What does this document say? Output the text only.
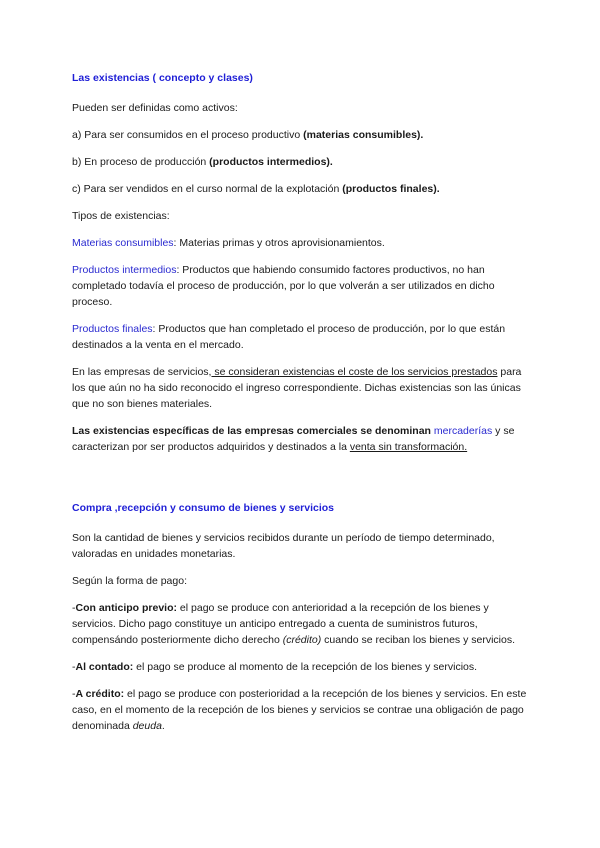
Las existencias ( concepto y clases)

Pueden ser definidas como activos:

a) Para ser consumidos en el proceso productivo (materias consumibles).

b) En proceso de producción (productos intermedios).

c) Para ser vendidos en el curso normal de la explotación (productos finales).

Tipos de existencias:

Materias consumibles: Materias primas y otros aprovisionamientos.

Productos intermedios: Productos que habiendo consumido factores productivos, no han completado todavía el proceso de producción, por lo que volverán a ser utilizados en dicho proceso.

Productos finales: Productos que han completado el proceso de producción, por lo que están destinados a la venta en el mercado.

En las empresas de servicios, se consideran existencias el coste de los servicios prestados para los que aún no ha sido reconocido el ingreso correspondiente. Dichas existencias son las únicas que no son bienes materiales.

Las existencias específicas de las empresas comerciales se denominan mercaderías y se caracterizan por ser productos adquiridos y destinados a la venta sin transformación.

Compra ,recepción y consumo de bienes y servicios

Son la cantidad de bienes y servicios recibidos durante un período de tiempo determinado, valoradas en unidades monetarias.

Según la forma de pago:

-Con anticipo previo: el pago se produce con anterioridad a la recepción de los bienes y servicios. Dicho pago constituye un anticipo entregado a cuenta de suministros futuros, compensándo posteriormente dicho derecho (crédito) cuando se reciban los bienes y servicios.

-Al contado: el pago se produce al momento de la recepción de los bienes y servicios.

-A crédito: el pago se produce con posterioridad a la recepción de los bienes y servicios. En este caso, en el momento de la recepción de los bienes y servicios se contrae una obligación de pago denominada deuda.
